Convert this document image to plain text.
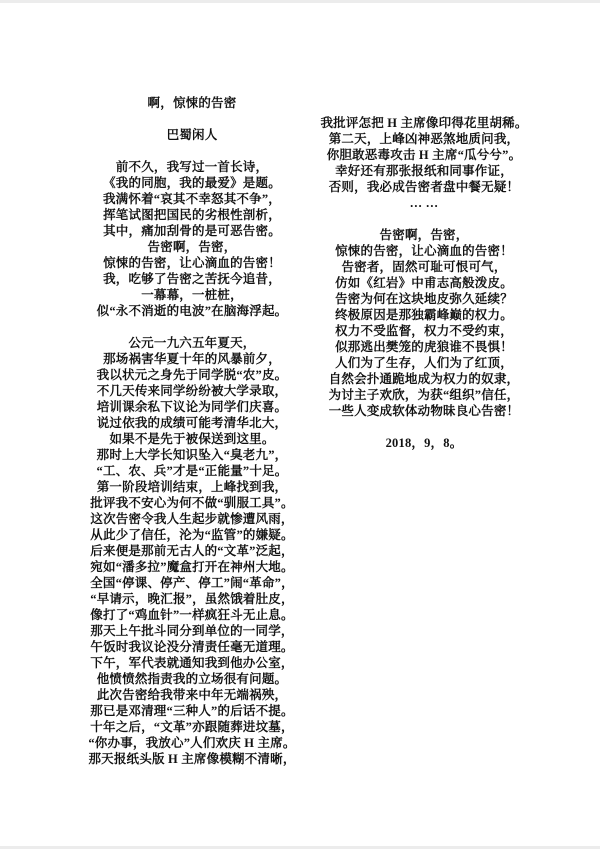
啊，惊悚的告密
巴蜀闲人
前不久，我写过一首长诗，
《我的同胞，我的最爱》是题。
我满怀着“哀其不幸怒其不争”，
挥笔试图把国民的劣根性剖析，
其中，痛加刮骨的是可恶告密。
告密啊，告密，
惊悚的告密，让心滴血的告密！
我，吃够了告密之苦抚今追昔，
一幕幕，一桩桩，
似“永不消逝的电波”在脑海浮起。
公元一九六五年夏天，
那场祸害华夏十年的风暴前夕，
我以状元之身先于同学脱“农”皮。
不几天传来同学纷纷被大学录取，
培训课余私下议论为同学们庆喜。
说过依我的成绩可能考清华北大，
如果不是先于被保送到这里。
那时上大学长知识坠入“臭老九”，
“工、农、兵”才是“正能量”十足。
第一阶段培训结束，上峰找到我，
批评我不安心为何不做“驯服工具”。
这次告密令我人生起步就惨遭风雨，
从此少了信任，沦为“监管”的嫌疑。
后来便是那前无古人的“文革”泛起，
宛如“潘多拉”魔盒打开在神州大地。
全国“停课、停产、停工”闹“革命”，
“早请示，晚汇报”，虽然饿着肚皮，
像打了“鸡血针”一样疯狂斗无止息。
那天上午批斗同分到单位的一同学，
午饭时我议论没分清责任毫无道理。
下午，军代表就通知我到他办公室，
他愤愤然指责我的立场很有问题。
此次告密给我带来中年无端祸殃，
那已是邓清理“三种人”的后话不提。
十年之后，“文革”亦跟随葬进坟墓，
“你办事，我放心”人们欢庆 H 主席。
那天报纸头版 H 主席像模糊不清晰，
我批评怎把 H 主席像印得花里胡稀。
第二天，上峰凶神恶煞地质问我，
你胆敢恶毒攻击 H 主席“瓜兮兮”。
幸好还有那张报纸和同事作证，
否则，我必成告密者盘中餐无疑！
… …
告密啊，告密，
惊悚的告密，让心滴血的告密！
告密者，固然可耻可恨可气，
仿如《红岩》中甫志高般泼皮。
告密为何在这块地皮弥久延续？
终极原因是那独霸峰巅的权力。
权力不受监督，权力不受约束，
似那逃出樊笼的虎狼谁不畏惧！
人们为了生存，人们为了红顶，
自然会扑通跪地成为权力的奴隶，
为讨主子欢欣，为获“组织”信任，
一些人变成软体动物昧良心告密！
2018，9，8。
